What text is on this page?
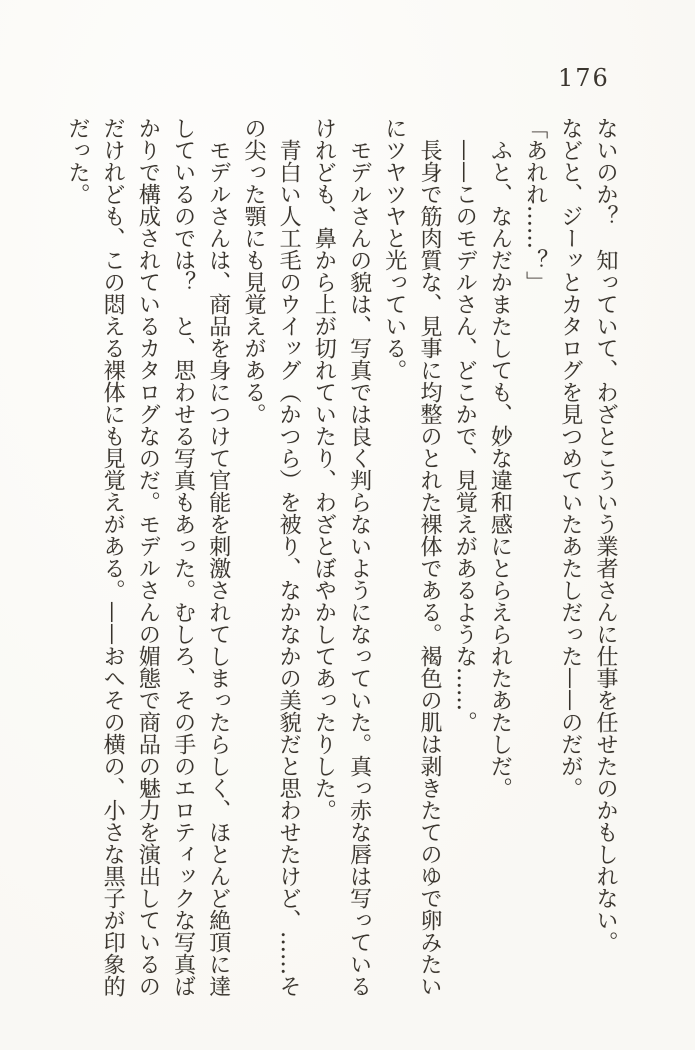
176

ないのか？　知っていて、わざとこういう業者さんに仕事を任せたのかもしれない。

などと、ジーッとカタログを見つめていたあたしだった——のだが。

「あれれ……？」

ふと、なんだかまたしても、妙な違和感にとらえられたあたしだ。

——このモデルさん、どこかで、見覚えがあるような……。

長身で筋肉質な、見事に均整のとれた裸体である。褐色の肌は剥きたてのゆで卵みたいにツヤツヤと光っている。

モデルさんの貌は、写真では良く判らないようになっていた。真っ赤な唇は写っているけれども、鼻から上が切れていたり、わざとぼやかしてあったりした。

青白い人工毛のウイッグ（かつら）を被り、なかなかの美貌だと思わせたけど、……その尖った顎にも見覚えがある。

モデルさんは、商品を身につけて官能を刺激されてしまったらしく、ほとんど絶頂に達しているのでは？　と、思わせる写真もあった。むしろ、その手のエロティックな写真ばかりで構成されているカタログなのだ。モデルさんの媚態で商品の魅力を演出しているのだけれども、この悶える裸体にも見覚えがある。——おへその横の、小さな黒子が印象的だった。
